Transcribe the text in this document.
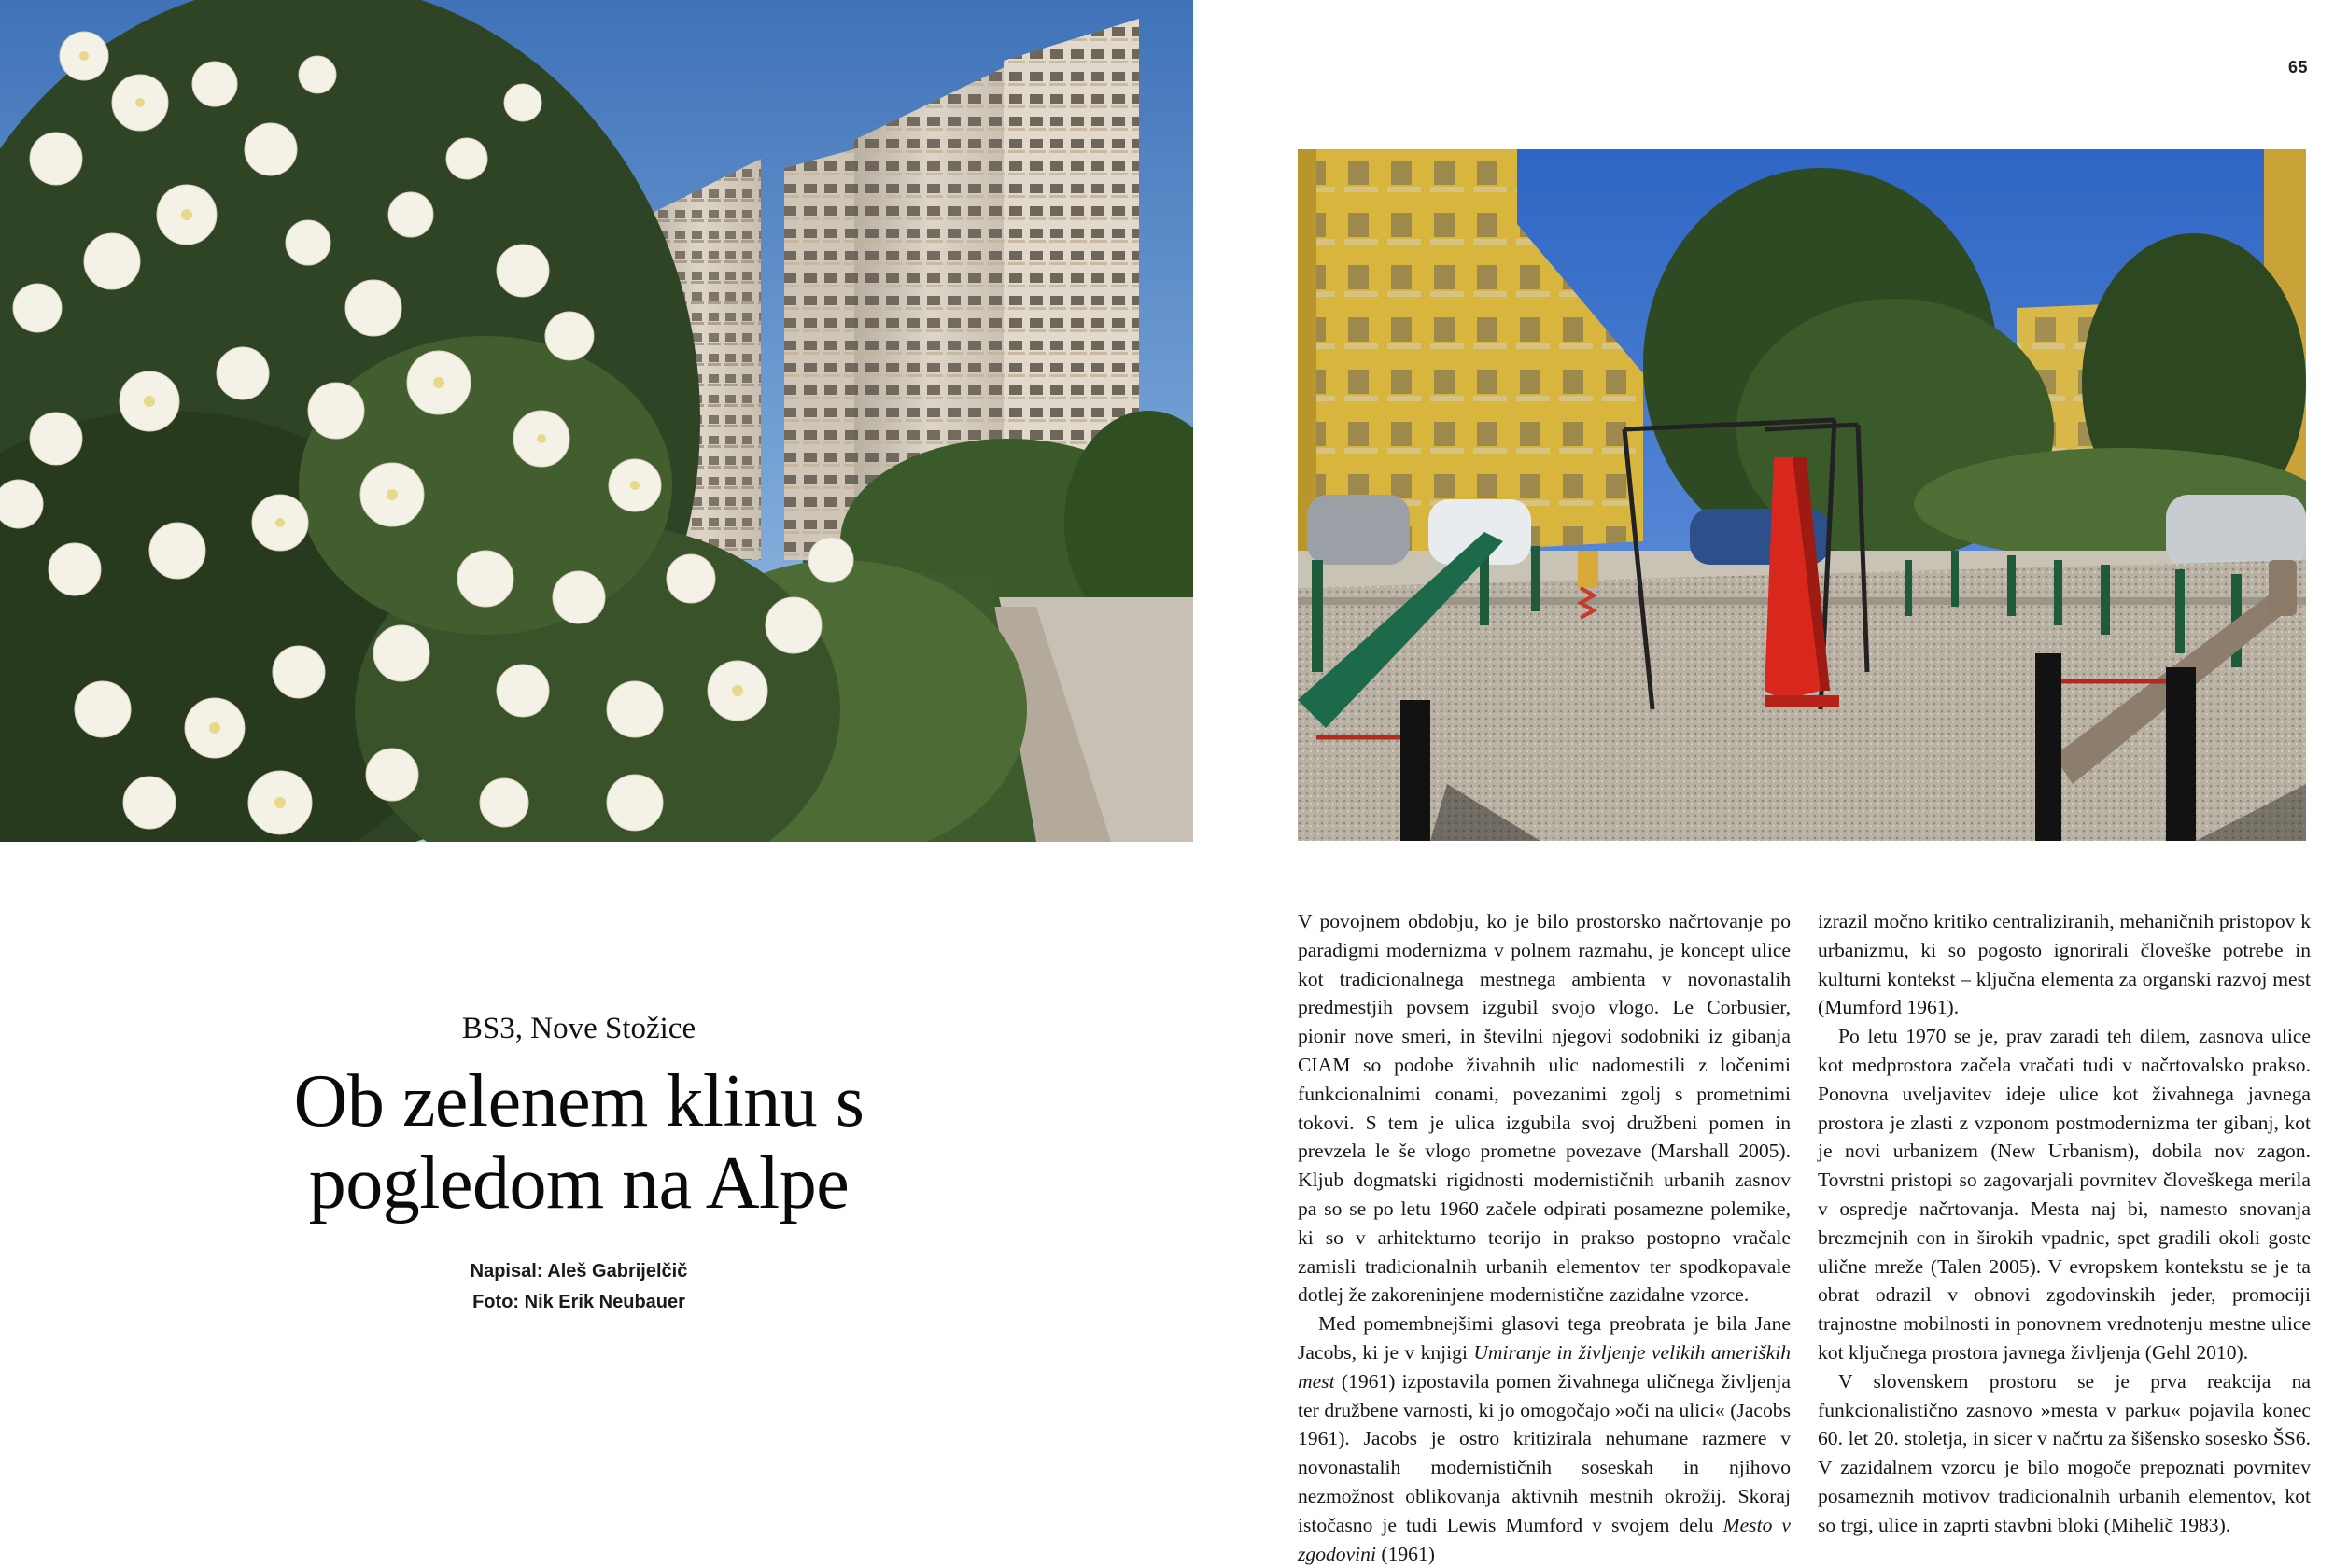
65

BS3, Nove Stožice

Ob zelenem klinu s
pogledom na Alpe
Napisal: Aleš Gabrijelčič
Foto: Nik Erik Neubauer

V povojnem obdobju, ko je bilo prostorsko načrtovanje po paradigmi modernizma v polnem razmahu, je koncept ulice kot tradicionalnega mestnega ambienta v novonastalih predmestjih povsem izgubil svojo vlogo. Le Corbusier, pionir nove smeri, in številni njegovi sodobniki iz gibanja CIAM so podobe živahnih ulic nadomestili z ločenimi funkcionalnimi conami, povezanimi zgolj s prometnimi tokovi. S tem je ulica izgubila svoj družbeni pomen in prevzela le še vlogo prometne povezave (Marshall 2005). Kljub dogmatski rigidnosti modernističnih urbanih zasnov pa so se po letu 1960 začele odpirati posamezne polemike, ki so v arhitekturno teorijo in prakso postopno vračale zamisli tradicionalnih urbanih elementov ter spodkopavale dotlej že zakoreninjene modernistične zazidalne vzorce.

Med pomembnejšimi glasovi tega preobrata je bila Jane Jacobs, ki je v knjigi Umiranje in življenje velikih ameriških mest (1961) izpostavila pomen živahnega uličnega življenja ter družbene varnosti, ki jo omogočajo »oči na ulici« (Jacobs 1961). Jacobs je ostro kritizirala nehumane razmere v novonastalih modernističnih soseskah in njihovo nezmožnost oblikovanja aktivnih mestnih okrožij. Skoraj istočasno je tudi Lewis Mumford v svojem delu Mesto v zgodovini (1961)

izrazil močno kritiko centraliziranih, mehaničnih pristopov k urbanizmu, ki so pogosto ignorirali človeške potrebe in kulturni kontekst – ključna elementa za organski razvoj mest (Mumford 1961).

Po letu 1970 se je, prav zaradi teh dilem, zasnova ulice kot medprostora začela vračati tudi v načrtovalsko prakso. Ponovna uveljavitev ideje ulice kot živahnega javnega prostora je zlasti z vzponom postmodernizma ter gibanj, kot je novi urbanizem (New Urbanism), dobila nov zagon. Tovrstni pristopi so zagovarjali povrnitev človeškega merila v ospredje načrtovanja. Mesta naj bi, namesto snovanja brezmejnih con in širokih vpadnic, spet gradili okoli goste ulične mreže (Talen 2005). V evropskem kontekstu se je ta obrat odrazil v obnovi zgodovinskih jeder, promociji trajnostne mobilnosti in ponovnem vrednotenju mestne ulice kot ključnega prostora javnega življenja (Gehl 2010).

V slovenskem prostoru se je prva reakcija na funkcionalistično zasnovo »mesta v parku« pojavila konec 60. let 20. stoletja, in sicer v načrtu za šišensko sosesko ŠS6. V zazidalnem vzorcu je bilo mogoče prepoznati povrnitev posameznih motivov tradicionalnih urbanih elementov, kot so trgi, ulice in zaprti stavbni bloki (Mihelič 1983).
